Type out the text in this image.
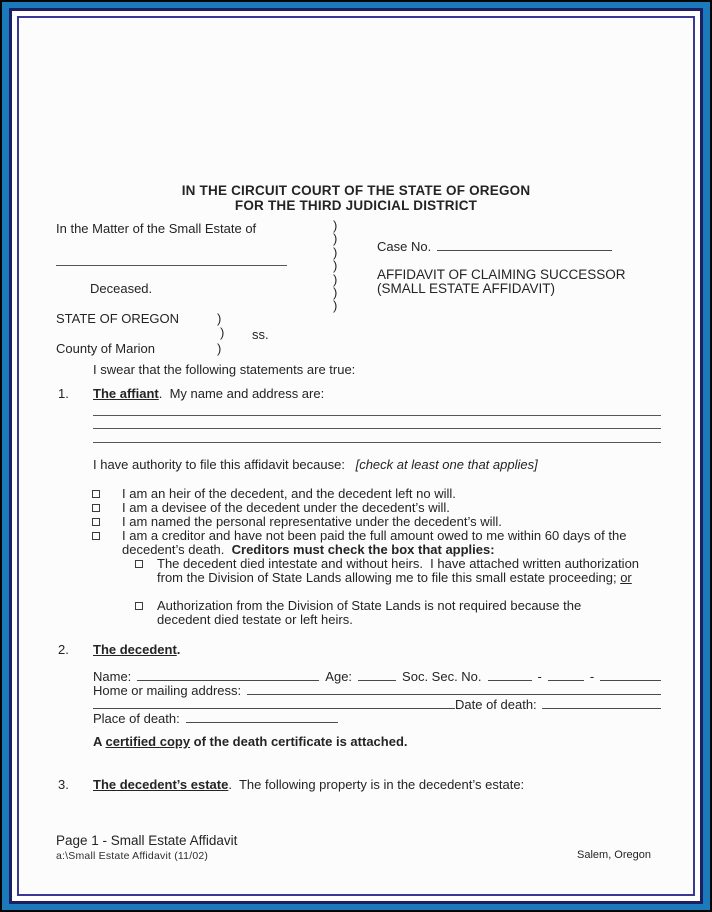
IN THE CIRCUIT COURT OF THE STATE OF OREGON
FOR THE THIRD JUDICIAL DISTRICT
In the Matter of the Small Estate of	)
)
)
)
)
)
)
Case No.
AFFIDAVIT OF CLAIMING SUCCESSOR
(SMALL ESTATE AFFIDAVIT)
Deceased.
STATE OF OREGON	)
) ss.
County of Marion	)
I swear that the following statements are true:
1. The affiant.  My name and address are:
I have authority to file this affidavit because: [check at least one that applies]
I am an heir of the decedent, and the decedent left no will.
I am a devisee of the decedent under the decedent’s will.
I am named the personal representative under the decedent’s will.
I am a creditor and have not been paid the full amount owed to me within 60 days of the decedent’s death.  Creditors must check the box that applies:
The decedent died intestate and without heirs.  I have attached written authorization from the Division of State Lands allowing me to file this small estate proceeding; or
Authorization from the Division of State Lands is not required because the decedent died testate or left heirs.
2. The decedent.
Name:	Age:	Soc. Sec. No.	-	-
Home or mailing address:
Date of death:
Place of death:
A certified copy of the death certificate is attached.
3. The decedent’s estate.  The following property is in the decedent’s estate:
Page 1 - Small Estate Affidavit
a:\Small Estate Affidavit (11/02)	Salem, Oregon
